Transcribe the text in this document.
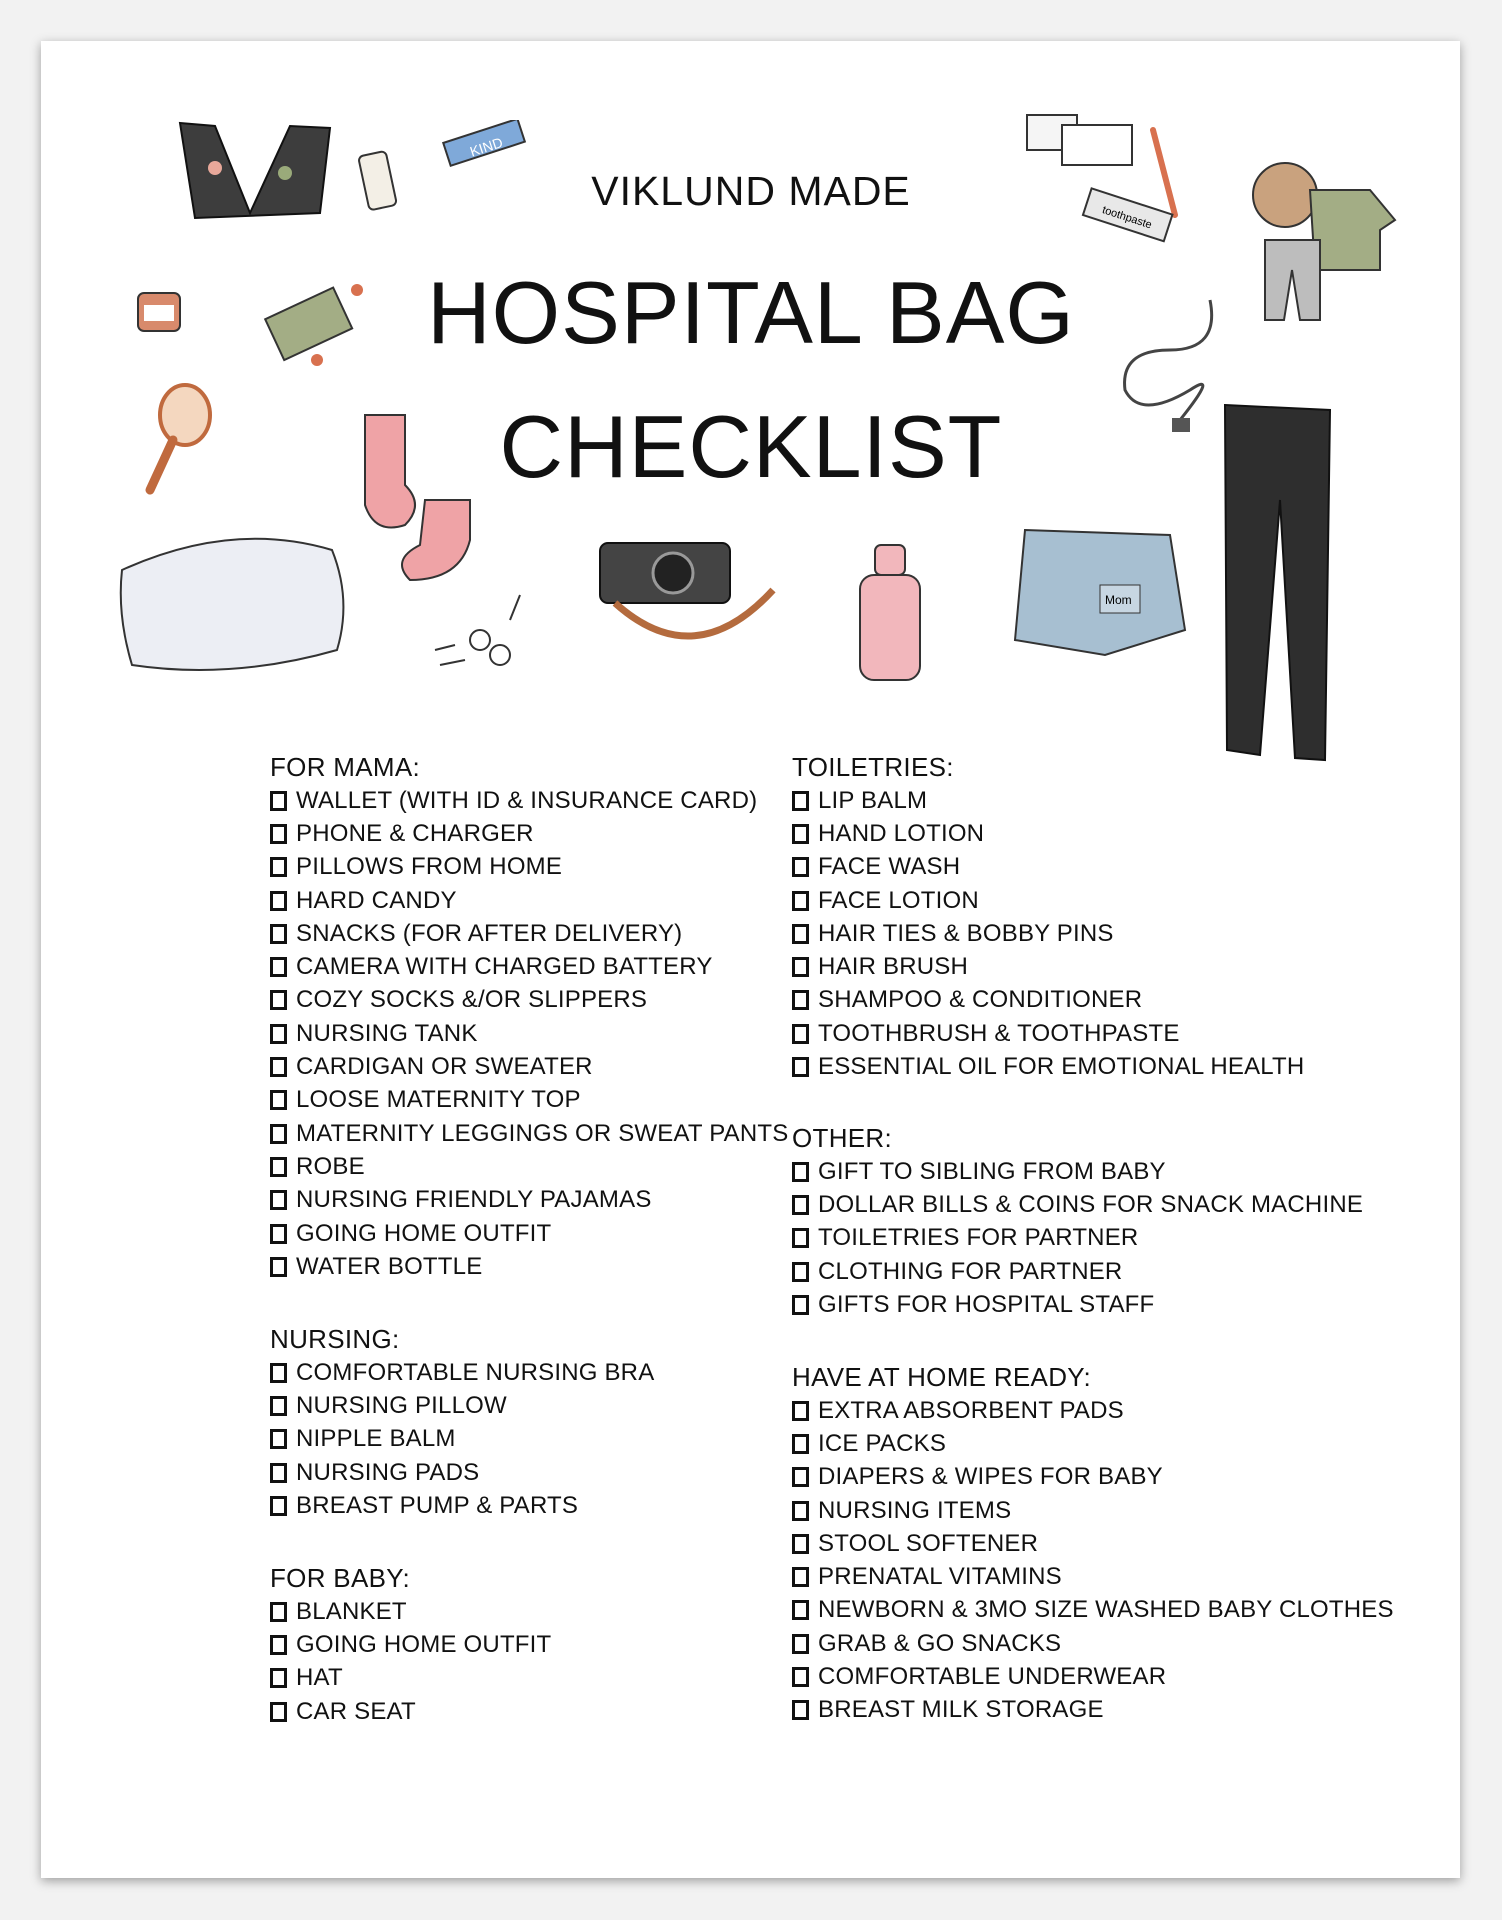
VIKLUND MADE
HOSPITAL BAG
CHECKLIST
KIND
Mom
toothpaste
FOR MAMA:
WALLET (WITH ID & INSURANCE CARD)
PHONE & CHARGER
PILLOWS FROM HOME
HARD CANDY
SNACKS (FOR AFTER DELIVERY)
CAMERA WITH CHARGED BATTERY
COZY SOCKS &/OR SLIPPERS
NURSING TANK
CARDIGAN OR SWEATER
LOOSE MATERNITY TOP
MATERNITY LEGGINGS OR SWEAT PANTS
ROBE
NURSING FRIENDLY PAJAMAS
GOING HOME OUTFIT
WATER BOTTLE
NURSING:
COMFORTABLE NURSING BRA
NURSING PILLOW
NIPPLE BALM
NURSING PADS
BREAST PUMP & PARTS
FOR BABY:
BLANKET
GOING HOME OUTFIT
HAT
CAR SEAT
TOILETRIES:
LIP BALM
HAND LOTION
FACE WASH
FACE LOTION
HAIR TIES & BOBBY PINS
HAIR BRUSH
SHAMPOO & CONDITIONER
TOOTHBRUSH & TOOTHPASTE
ESSENTIAL OIL FOR EMOTIONAL HEALTH
OTHER:
GIFT TO SIBLING FROM BABY
DOLLAR BILLS & COINS FOR SNACK MACHINE
TOILETRIES FOR PARTNER
CLOTHING FOR PARTNER
GIFTS FOR HOSPITAL STAFF
HAVE AT HOME READY:
EXTRA ABSORBENT PADS
ICE PACKS
DIAPERS & WIPES FOR BABY
NURSING ITEMS
STOOL SOFTENER
PRENATAL VITAMINS
NEWBORN & 3MO SIZE WASHED BABY CLOTHES
GRAB & GO SNACKS
COMFORTABLE UNDERWEAR
BREAST MILK STORAGE
